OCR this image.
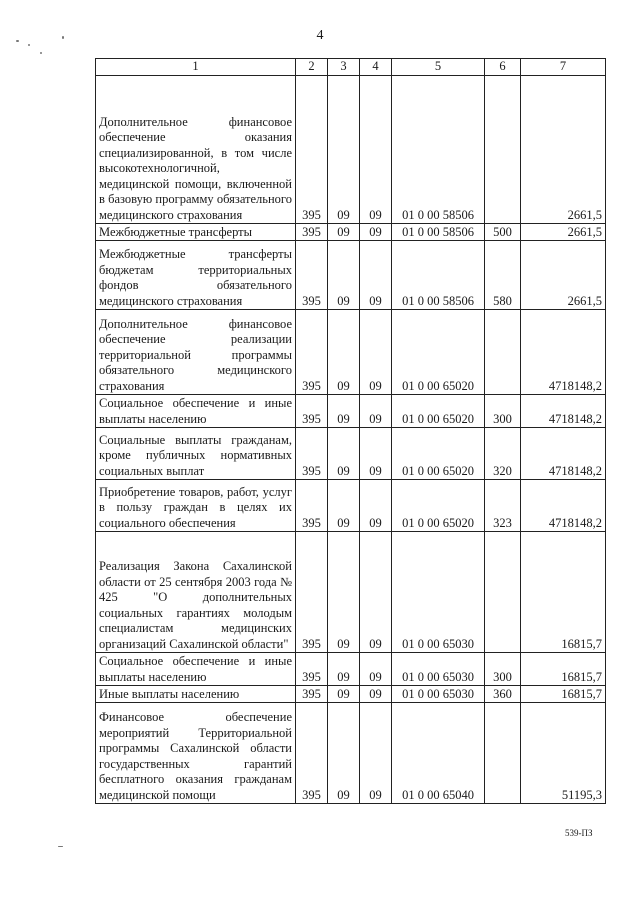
4
1	2	3	4	5	6	7
Дополнительное финансовое обеспечение оказания специализированной, в том числе высокотехнологичной, медицинской помощи, включенной в базовую программу обязательного медицинского страхования	395	09	09	01 0 00 58506		2661,5
Межбюджетные трансферты	395	09	09	01 0 00 58506	500	2661,5
Межбюджетные трансферты бюджетам территориальных фондов обязательного медицинского страхования	395	09	09	01 0 00 58506	580	2661,5
Дополнительное финансовое обеспечение реализации территориальной программы обязательного медицинского страхования	395	09	09	01 0 00 65020		4718148,2
Социальное обеспечение и иные выплаты населению	395	09	09	01 0 00 65020	300	4718148,2
Социальные выплаты гражданам, кроме публичных нормативных социальных выплат	395	09	09	01 0 00 65020	320	4718148,2
Приобретение товаров, работ, услуг в пользу граждан в целях их социального обеспечения	395	09	09	01 0 00 65020	323	4718148,2
Реализация Закона Сахалинской области от 25 сентября 2003 года № 425 "О дополнительных социальных гарантиях молодым специалистам медицинских организаций Сахалинской области"	395	09	09	01 0 00 65030		16815,7
Социальное обеспечение и иные выплаты населению	395	09	09	01 0 00 65030	300	16815,7
Иные выплаты населению	395	09	09	01 0 00 65030	360	16815,7
Финансовое обеспечение мероприятий Территориальной программы Сахалинской области государственных гарантий бесплатного оказания гражданам медицинской помощи	395	09	09	01 0 00 65040		51195,3
539-ПЗ
